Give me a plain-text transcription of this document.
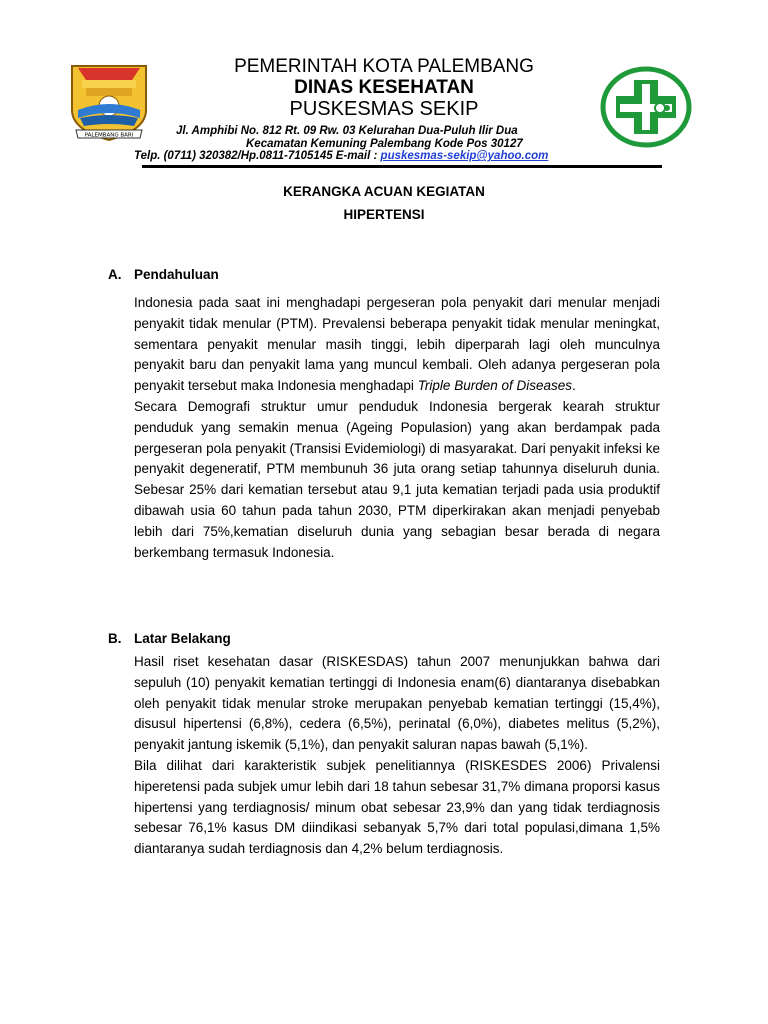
PALEMBANG BARI
PEMERINTAH KOTA PALEMBANG
DINAS KESEHATAN
PUSKESMAS SEKIP
Jl. Amphibi No. 812 Rt. 09 Rw. 03 Kelurahan Dua-Puluh Ilir Dua
Kecamatan Kemuning Palembang Kode Pos 30127
Telp. (0711) 320382/Hp.0811-7105145 E-mail : puskesmas-sekip@yahoo.com
KERANGKA ACUAN KEGIATAN
HIPERTENSI
A. Pendahuluan

Indonesia pada saat ini menghadapi pergeseran pola penyakit dari menular menjadi penyakit tidak menular (PTM). Prevalensi beberapa penyakit tidak menular meningkat, sementara penyakit menular masih tinggi, lebih diperparah lagi oleh munculnya penyakit baru dan penyakit lama yang muncul kembali. Oleh adanya pergeseran pola penyakit tersebut maka Indonesia menghadapi Triple Burden of Diseases.

Secara Demografi struktur umur penduduk Indonesia bergerak kearah struktur penduduk yang semakin menua (Ageing Populasion) yang akan berdampak pada pergeseran pola penyakit (Transisi Evidemiologi) di masyarakat. Dari penyakit infeksi ke penyakit degeneratif, PTM membunuh 36 juta orang setiap tahunnya diseluruh dunia. Sebesar 25% dari kematian tersebut atau 9,1 juta kematian terjadi pada usia produktif dibawah usia 60 tahun pada tahun 2030, PTM diperkirakan akan menjadi penyebab lebih dari 75%,kematian diseluruh dunia yang sebagian besar berada di negara berkembang termasuk Indonesia.

B. Latar Belakang

Hasil riset kesehatan dasar (RISKESDAS) tahun 2007 menunjukkan bahwa dari sepuluh (10) penyakit kematian tertinggi di Indonesia enam(6) diantaranya disebabkan oleh penyakit tidak menular stroke merupakan penyebab kematian tertinggi (15,4%), disusul hipertensi (6,8%), cedera (6,5%), perinatal (6,0%), diabetes melitus (5,2%), penyakit jantung iskemik (5,1%), dan penyakit saluran napas bawah (5,1%).

Bila dilihat dari karakteristik subjek penelitiannya (RISKESDES 2006) Privalensi hiperetensi pada subjek umur lebih dari 18 tahun sebesar 31,7% dimana proporsi kasus hipertensi yang terdiagnosis/ minum obat sebesar 23,9% dan yang tidak terdiagnosis sebesar 76,1% kasus DM diindikasi sebanyak 5,7% dari total populasi,dimana 1,5% diantaranya sudah terdiagnosis dan 4,2% belum terdiagnosis.
